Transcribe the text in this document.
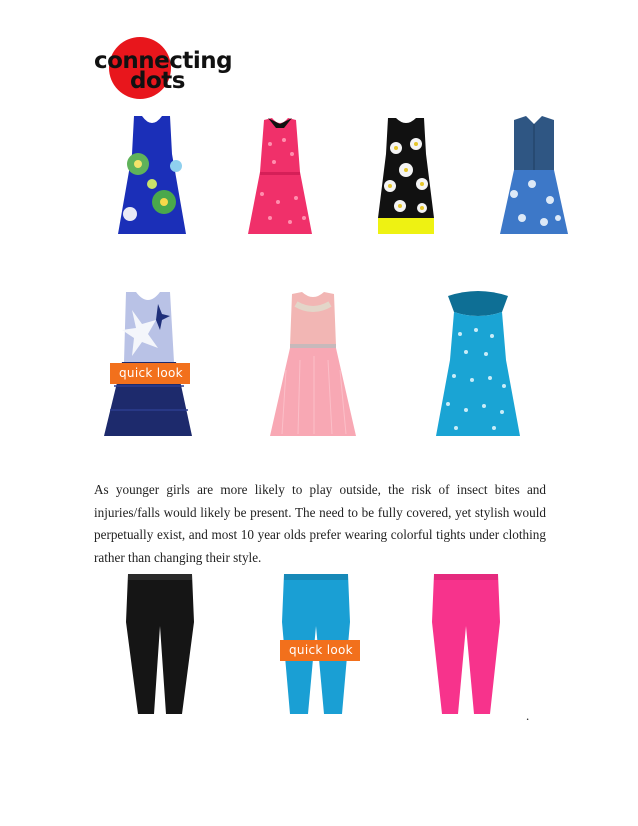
connecting
dots
quick look

As younger girls are more likely to play outside, the risk of insect bites and injuries/falls would likely be present. The need to be fully covered, yet stylish would perpetually exist, and most 10 year olds prefer wearing colorful tights under clothing rather than changing their style.

quick look
.
